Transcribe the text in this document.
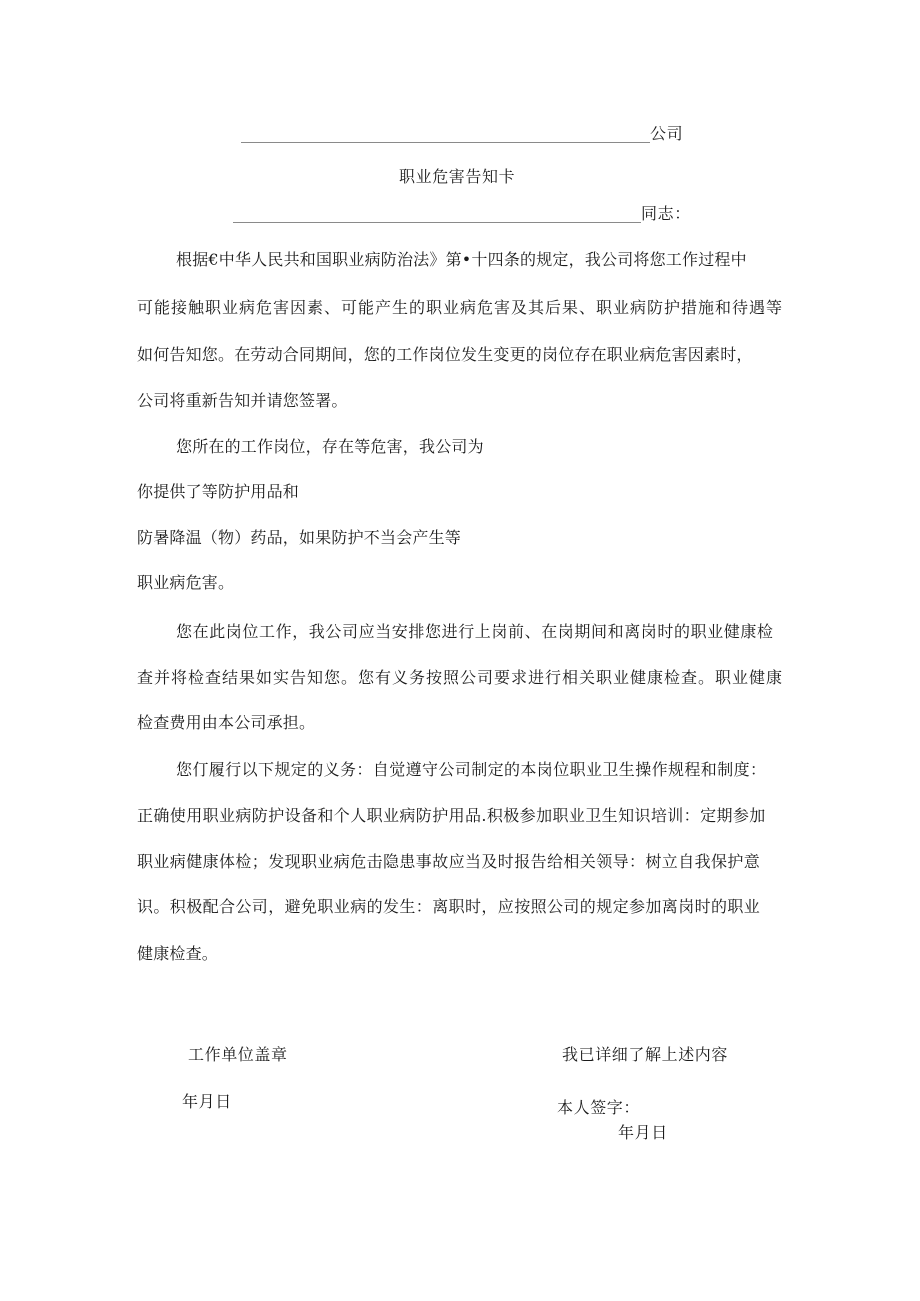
公司
职业危害告知卡
同志：
根据€中华人民共和国职业病防治法》第•十四条的规定，我公司将您工作过程中
可能接触职业病危害因素、可能产生的职业病危害及其后果、职业病防护措施和待遇等
如何告知您。在劳动合同期间，您的工作岗位发生变更的岗位存在职业病危害因素时，
公司将重新告知并请您签署。
您所在的工作岗位，存在等危害，我公司为
你提供了等防护用品和
防暑降温（物）药品，如果防护不当会产生等
职业病危害。
您在此岗位工作，我公司应当安排您进行上岗前、在岗期间和离岗时的职业健康检
查并将检查结果如实告知您。您有义务按照公司要求进行相关职业健康检查。职业健康
检查费用由本公司承担。
您仃履行以下规定的义务：自觉遵守公司制定的本岗位职业卫生操作规程和制度：
正确使用职业病防护设备和个人职业病防护用品.积极参加职业卫生知识培训：定期参加
职业病健康体检；发现职业病危击隐患事故应当及时报告给相关领导：树立自我保护意
识。积极配合公司，避免职业病的发生：离职时，应按照公司的规定参加离岗时的职业
健康检查。
工作单位盖章
年月日
我已详细了解上述内容
本人签字：
年月日
